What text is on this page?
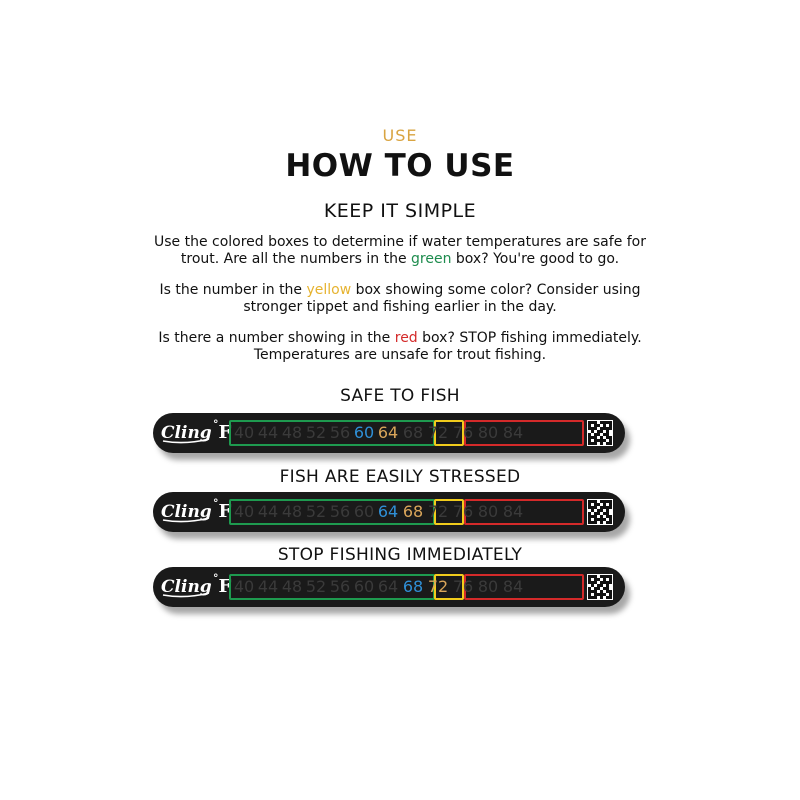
USE
HOW TO USE
KEEP IT SIMPLE
Use the colored boxes to determine if water temperatures are safe for trout. Are all the numbers in the green box? You're good to go.
Is the number in the yellow box showing some color? Consider using stronger tippet and fishing earlier in the day.
Is there a number showing in the red box? STOP fishing immediately. Temperatures are unsafe for trout fishing.
SAFE TO FISH
Cling °F 40 44 48 52 56 60 64 68 72 76 80 84
FISH ARE EASILY STRESSED
Cling °F 40 44 48 52 56 60 64 68 72 76 80 84
STOP FISHING IMMEDIATELY
Cling °F 40 44 48 52 56 60 64 68 72 76 80 84
